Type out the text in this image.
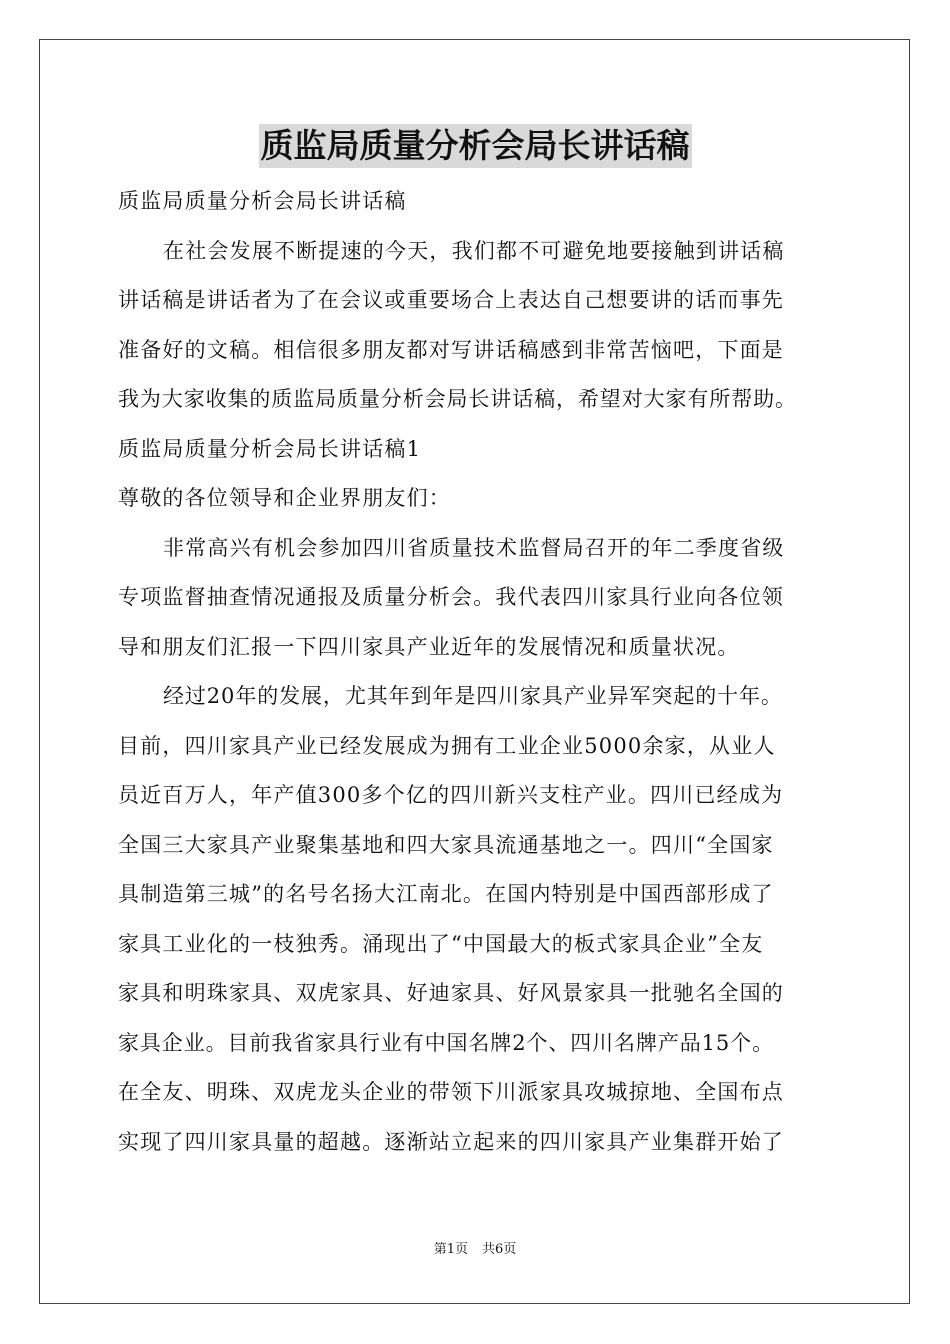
质监局质量分析会局长讲话稿
质监局质量分析会局长讲话稿
在社会发展不断提速的今天，我们都不可避免地要接触到讲话稿
讲话稿是讲话者为了在会议或重要场合上表达自己想要讲的话而事先
准备好的文稿。相信很多朋友都对写讲话稿感到非常苦恼吧，下面是
我为大家收集的质监局质量分析会局长讲话稿，希望对大家有所帮助。
质监局质量分析会局长讲话稿1
尊敬的各位领导和企业界朋友们：
非常高兴有机会参加四川省质量技术监督局召开的年二季度省级
专项监督抽查情况通报及质量分析会。我代表四川家具行业向各位领
导和朋友们汇报一下四川家具产业近年的发展情况和质量状况。
经过20年的发展，尤其年到年是四川家具产业异军突起的十年。
目前，四川家具产业已经发展成为拥有工业企业5000余家，从业人
员近百万人，年产值300多个亿的四川新兴支柱产业。四川已经成为
全国三大家具产业聚集基地和四大家具流通基地之一。四川“全国家
具制造第三城”的名号名扬大江南北。在国内特别是中国西部形成了
家具工业化的一枝独秀。涌现出了“中国最大的板式家具企业”全友
家具和明珠家具、双虎家具、好迪家具、好风景家具一批驰名全国的
家具企业。目前我省家具行业有中国名牌2个、四川名牌产品15个。
在全友、明珠、双虎龙头企业的带领下川派家具攻城掠地、全国布点
实现了四川家具量的超越。逐渐站立起来的四川家具产业集群开始了
第1页 共6页
